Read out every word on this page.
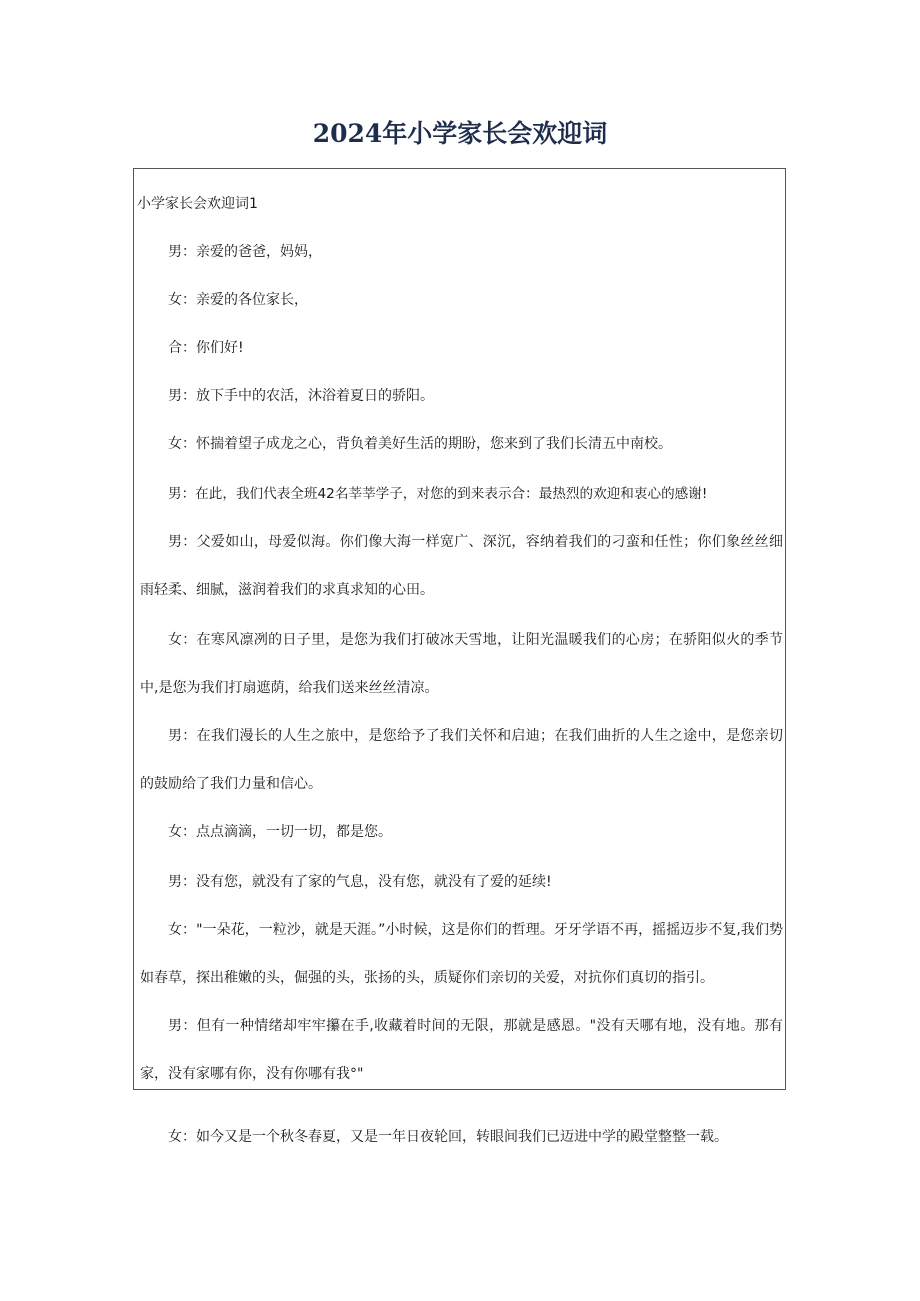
2024年小学家长会欢迎词

小学家长会欢迎词1

男：亲爱的爸爸，妈妈，

女：亲爱的各位家长，

合：你们好!

男：放下手中的农活，沐浴着夏日的骄阳。

女：怀揣着望子成龙之心，背负着美好生活的期盼，您来到了我们长清五中南校。

男：在此，我们代表全班42名莘莘学子，对您的到来表示合：最热烈的欢迎和衷心的感谢!

男：父爱如山，母爱似海。你们像大海一样宽广、深沉，容纳着我们的刁蛮和任性；你们象丝丝细雨轻柔、细腻，滋润着我们的求真求知的心田。

女：在寒风凛冽的日子里，是您为我们打破冰天雪地，让阳光温暖我们的心房；在骄阳似火的季节中,是您为我们打扇遮荫，给我们送来丝丝清凉。

男：在我们漫长的人生之旅中，是您给予了我们关怀和启迪；在我们曲折的人生之途中，是您亲切的鼓励给了我们力量和信心。

女：点点滴滴，一切一切，都是您。

男：没有您，就没有了家的气息，没有您，就没有了爱的延续!

女："一朵花，一粒沙，就是天涯。”小时候，这是你们的哲理。牙牙学语不再，摇摇迈步不复,我们势如春草，探出稚嫩的头，倔强的头，张扬的头，质疑你们亲切的关爱，对抗你们真切的指引。

男：但有一种情绪却牢牢攥在手,收藏着时间的无限，那就是感恩。"没有天哪有地，没有地。那有家，没有家哪有你，没有你哪有我°"

女：如今又是一个秋冬春夏，又是一年日夜轮回，转眼间我们已迈进中学的殿堂整整一载。
